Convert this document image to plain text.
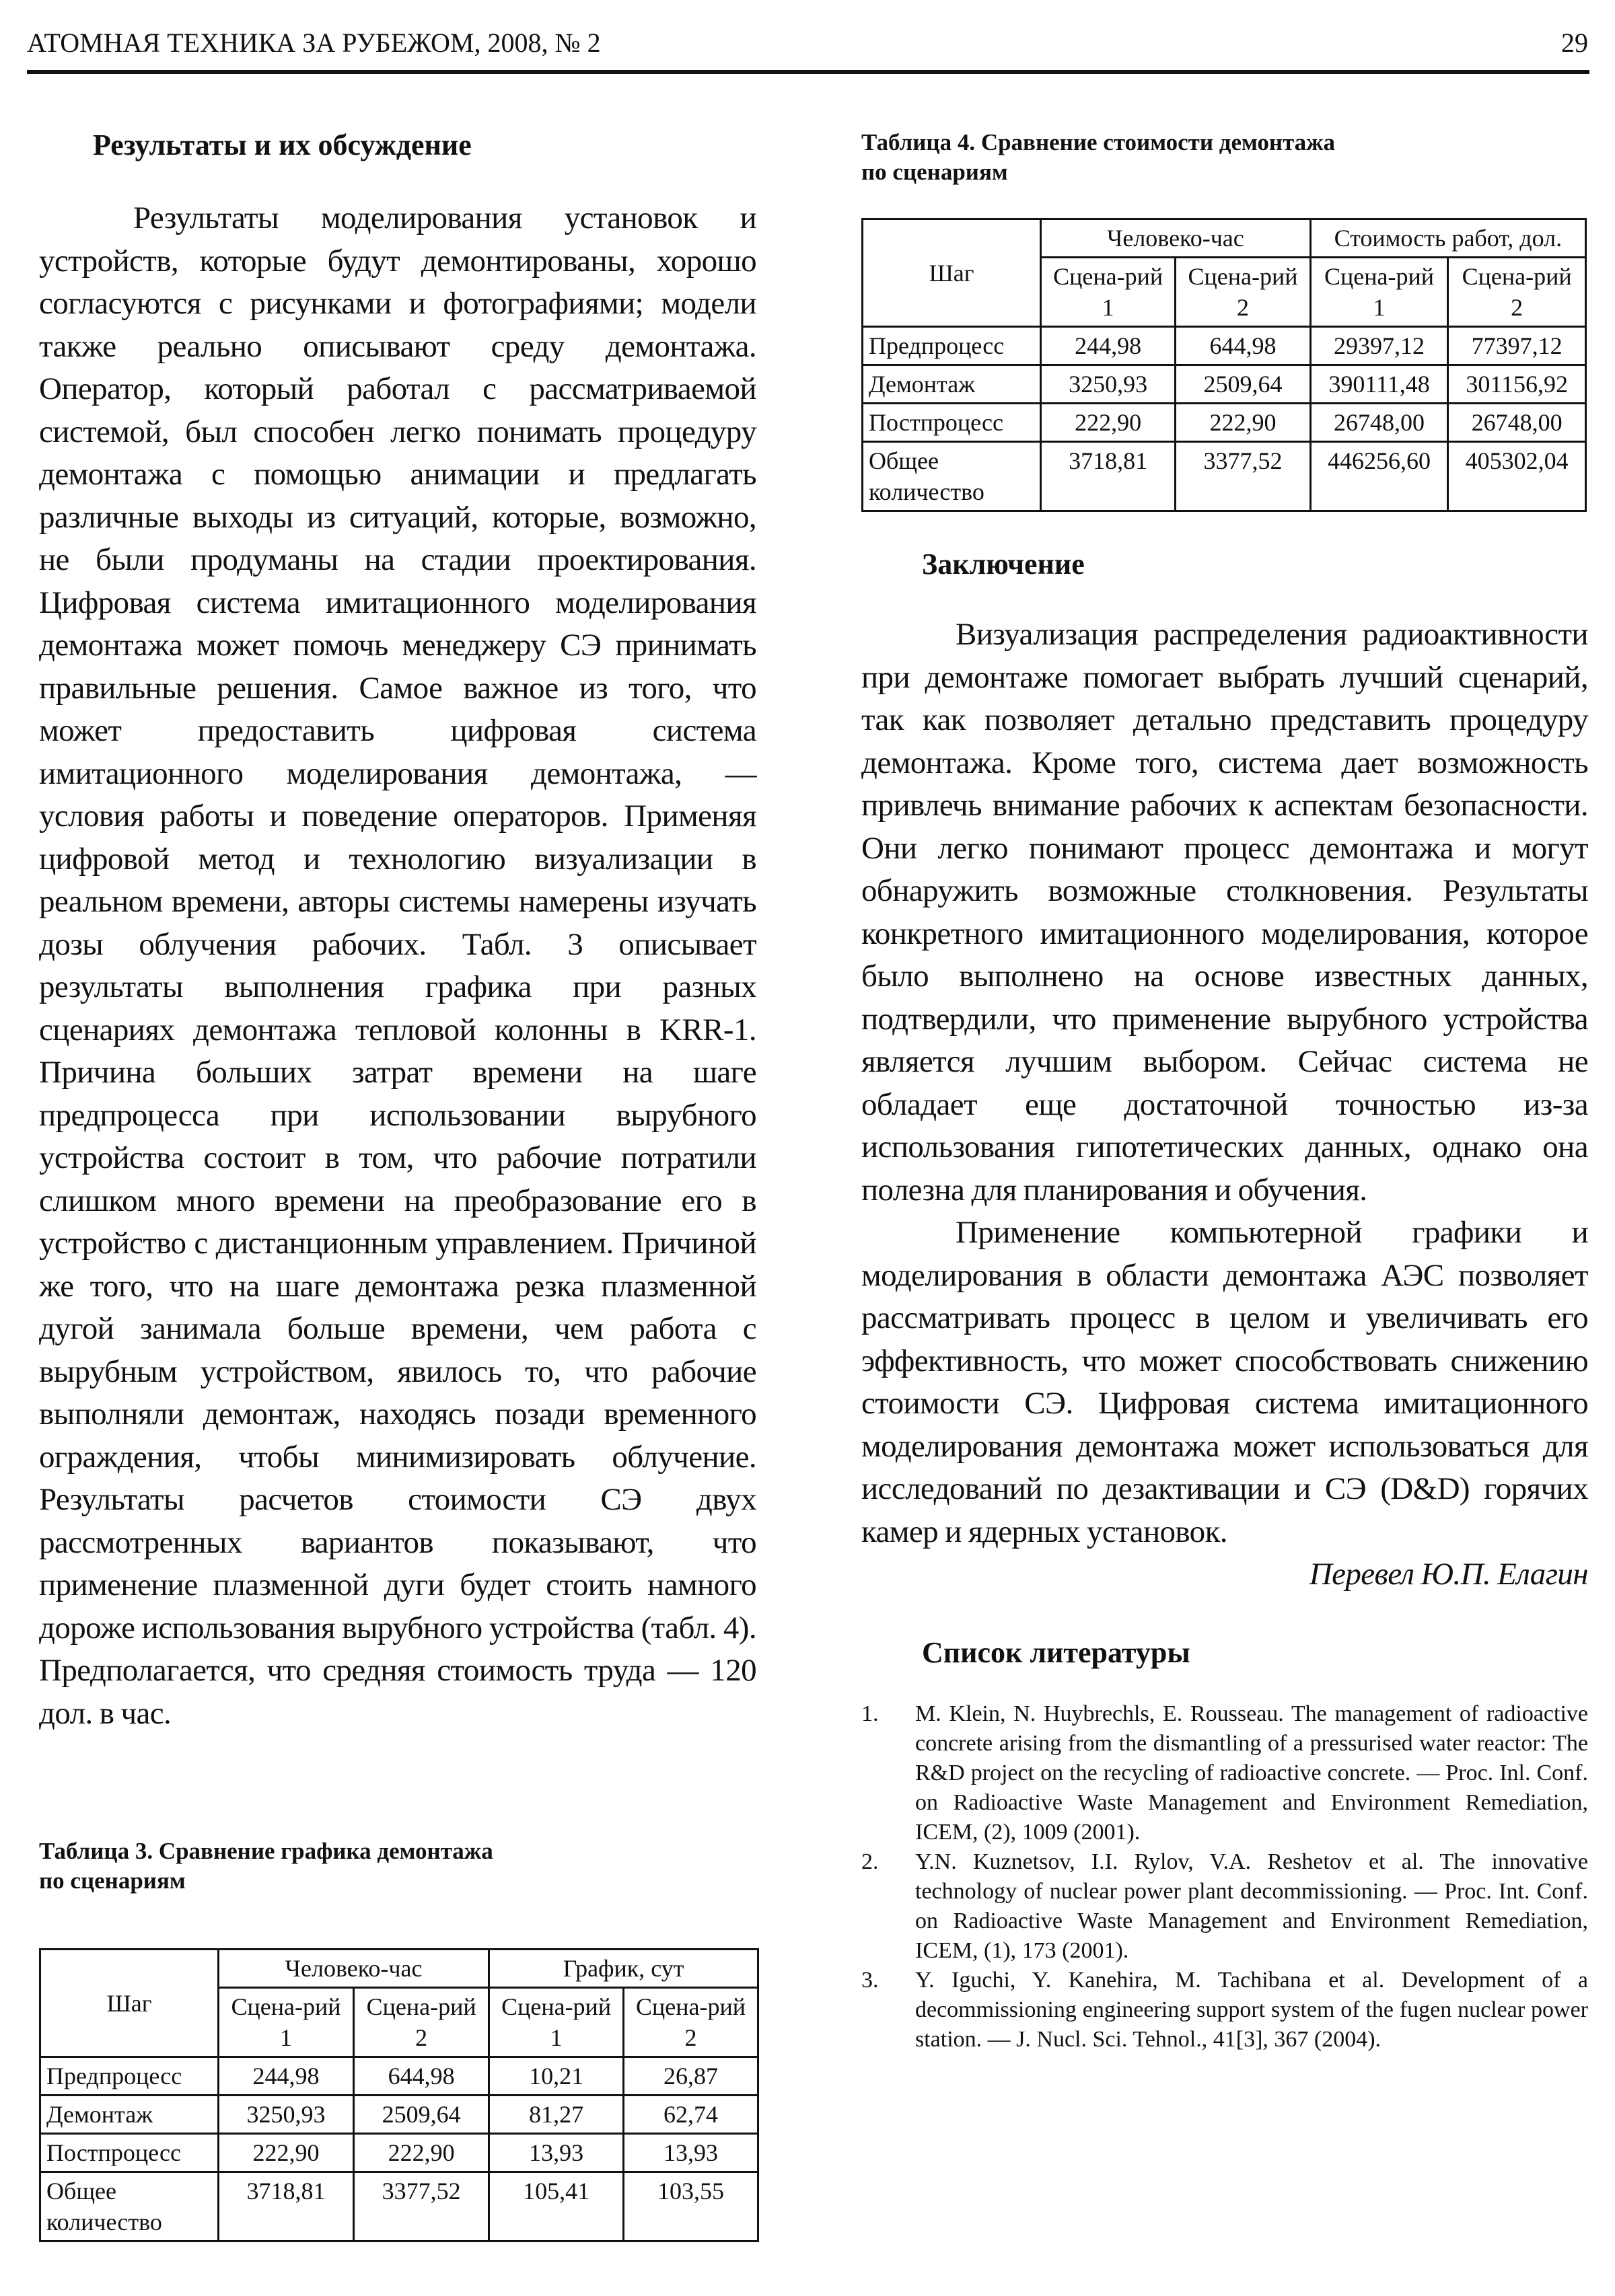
АТОМНАЯ ТЕХНИКА ЗА РУБЕЖОМ, 2008, № 2	29
Результаты и их обсуждение

Результаты моделирования установок и устройств, которые будут демонтированы, хорошо согласуются с рисунками и фотографиями; модели также реально описывают среду демонтажа. Оператор, который работал с рассматриваемой системой, был способен легко понимать процедуру демонтажа с помощью анимации и предлагать различные выходы из ситуаций, которые, возможно, не были продуманы на стадии проектирования. Цифровая система имитационного моделирования демонтажа может помочь менеджеру СЭ принимать правильные решения. Самое важное из того, что может предоставить цифровая система имитационного моделирования демонтажа, — условия работы и поведение операторов. Применяя цифровой метод и технологию визуализации в реальном времени, авторы системы намерены изучать дозы облучения рабочих. Табл. 3 описывает результаты выполнения графика при разных сценариях демонтажа тепловой колонны в KRR-1. Причина больших затрат времени на шаге предпроцесса при использовании вырубного устройства состоит в том, что рабочие потратили слишком много времени на преобразование его в устройство с дистанционным управлением. Причиной же того, что на шаге демонтажа резка плазменной дугой занимала больше времени, чем работа с вырубным устройством, явилось то, что рабочие выполняли демонтаж, находясь позади временного ограждения, чтобы минимизировать облучение. Результаты расчетов стоимости СЭ двух рассмотренных вариантов показывают, что применение плазменной дуги будет стоить намного дороже использования вырубного устройства (табл. 4). Предполагается, что средняя стоимость труда — 120 дол. в час.

Таблица 3. Сравнение графика демонтажа
по сценариям
Шаг	Человеко-час		График, сут	
	Сцена-рий 1	Сцена-рий 2	Сцена-рий 1	Сцена-рий 2
Предпроцесс	244,98	644,98	10,21	26,87
Демонтаж	3250,93	2509,64	81,27	62,74
Постпроцесс	222,90	222,90	13,93	13,93
Общее количество	3718,81	3377,52	105,41	103,55
Таблица 4. Сравнение стоимости демонтажа
по сценариям
Шаг	Человеко-час		Стоимость работ, дол.	
	Сцена-рий 1	Сцена-рий 2	Сцена-рий 1	Сцена-рий 2
Предпроцесс	244,98	644,98	29397,12	77397,12
Демонтаж	3250,93	2509,64	390111,48	301156,92
Постпроцесс	222,90	222,90	26748,00	26748,00
Общее количество	3718,81	3377,52	446256,60	405302,04
Заключение

Визуализация распределения радиоактивности при демонтаже помогает выбрать лучший сценарий, так как позволяет детально представить процедуру демонтажа. Кроме того, система дает возможность привлечь внимание рабочих к аспектам безопасности. Они легко понимают процесс демонтажа и могут обнаружить возможные столкновения. Результаты конкретного имитационного моделирования, которое было выполнено на основе известных данных, подтвердили, что применение вырубного устройства является лучшим выбором. Сейчас система не обладает еще достаточной точностью из-за использования гипотетических данных, однако она полезна для планирования и обучения.

Применение компьютерной графики и моделирования в области демонтажа АЭС позволяет рассматривать процесс в целом и увеличивать его эффективность, что может способствовать снижению стоимости СЭ. Цифровая система имитационного моделирования демонтажа может использоваться для исследований по дезактивации и СЭ (D&D) горячих камер и ядерных установок.

Перевел Ю.П. Елагин
Список литературы

1. M. Klein, N. Huybrechls, E. Rousseau. The management of radioactive concrete arising from the dismantling of a pressurised water reactor: The R&D project on the recycling of radioactive concrete. — Proc. Inl. Conf. on Radioactive Waste Management and Environment Remediation, ICEM, (2), 1009 (2001).

2. Y.N. Kuznetsov, I.I. Rylov, V.A. Reshetov et al. The innovative technology of nuclear power plant decommissioning. — Proc. Int. Conf. on Radioactive Waste Management and Environment Remediation, ICEM, (1), 173 (2001).

3. Y. Iguchi, Y. Kanehira, M. Tachibana et al. Development of a decommissioning engineering support system of the fugen nuclear power station. — J. Nucl. Sci. Tehnol., 41[3], 367 (2004).
